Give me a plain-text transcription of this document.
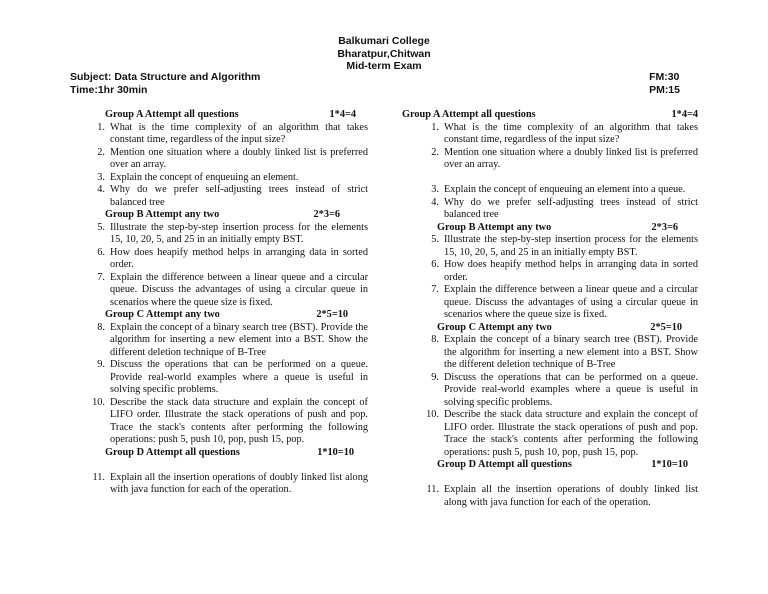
Balkumari College
Bharatpur,Chitwan
Mid-term Exam
Subject: Data Structure and Algorithm
Time:1hr 30min
FM:30
PM:15
Group A Attempt all questions	1*4=4
1. What is the time complexity of an algorithm that takes constant time, regardless of the input size?
2. Mention one situation where a doubly linked list is preferred over an array.
3. Explain the concept of enqueuing an element.
4. Why do we prefer self-adjusting trees instead of strict balanced tree
Group B Attempt any two	2*3=6
5. Illustrate the step-by-step insertion process for the elements 15, 10, 20, 5, and 25 in an initially empty BST.
6. How does heapify method helps in arranging data in sorted order.
7. Explain the difference between a linear queue and a circular queue. Discuss the advantages of using a circular queue in scenarios where the queue size is fixed.
Group C Attempt any two	2*5=10
8. Explain the concept of a binary search tree (BST). Provide the algorithm for inserting a new element into a BST. Show the different deletion technique of B-Tree
9. Discuss the operations that can be performed on a queue. Provide real-world examples where a queue is useful in solving specific problems.
10. Describe the stack data structure and explain the concept of LIFO order. Illustrate the stack operations of push and pop. Trace the stack's contents after performing the following operations: push 5, push 10, pop, push 15, pop.
Group D Attempt all questions	1*10=10
11. Explain all the insertion operations of doubly linked list along with java function for each of the operation.
Group A Attempt all questions	1*4=4
1. What is the time complexity of an algorithm that takes constant time, regardless of the input size?
2. Mention one situation where a doubly linked list is preferred over an array.
3. Explain the concept of enqueuing an element into a queue.
4. Why do we prefer self-adjusting trees instead of strict balanced tree
Group B Attempt any two	2*3=6
5. Illustrate the step-by-step insertion process for the elements 15, 10, 20, 5, and 25 in an initially empty BST.
6. How does heapify method helps in arranging data in sorted order.
7. Explain the difference between a linear queue and a circular queue. Discuss the advantages of using a circular queue in scenarios where the queue size is fixed.
Group C Attempt any two	2*5=10
8. Explain the concept of a binary search tree (BST). Provide the algorithm for inserting a new element into a BST. Show the different deletion technique of B-Tree
9. Discuss the operations that can be performed on a queue. Provide real-world examples where a queue is useful in solving specific problems.
10. Describe the stack data structure and explain the concept of LIFO order. Illustrate the stack operations of push and pop. Trace the stack's contents after performing the following operations: push 5, push 10, pop, push 15, pop.
Group D Attempt all questions	1*10=10
11. Explain all the insertion operations of doubly linked list along with java function for each of the operation.
